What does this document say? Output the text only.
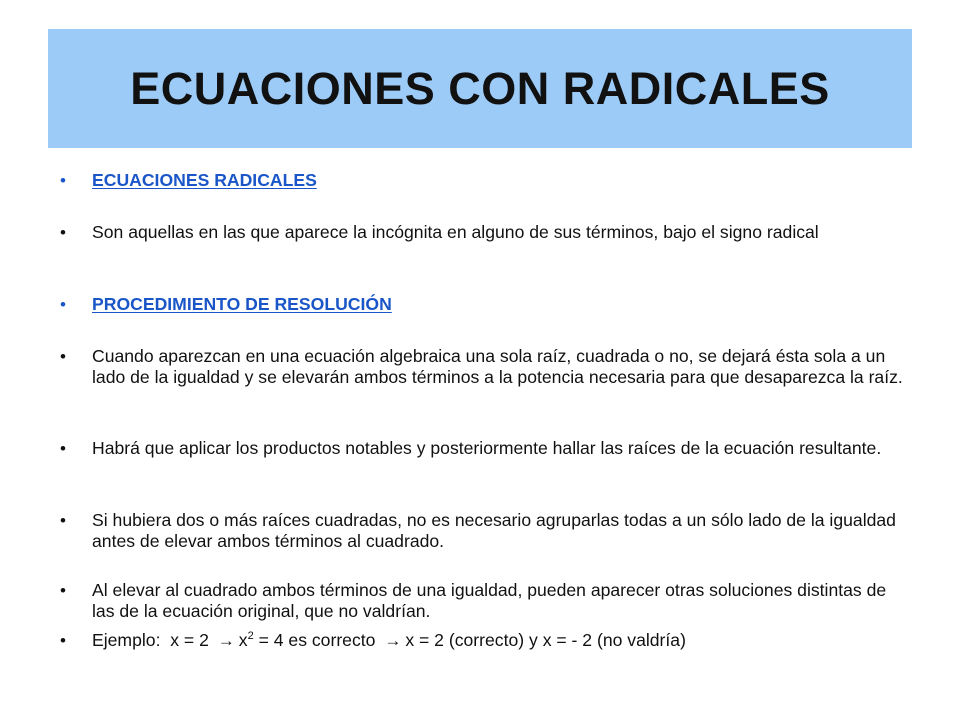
ECUACIONES CON RADICALES
• ECUACIONES RADICALES
• Son aquellas en las que aparece la incógnita en alguno de sus términos, bajo el signo radical
• PROCEDIMIENTO DE RESOLUCIÓN
• Cuando aparezcan en una ecuación algebraica una sola raíz, cuadrada o no, se dejará ésta sola a un lado de la igualdad y se elevarán ambos términos a la potencia necesaria para que desaparezca la raíz.
• Habrá que aplicar los productos notables y posteriormente hallar las raíces de la ecuación resultante.
• Si hubiera dos o más raíces cuadradas, no es necesario agruparlas todas a un sólo lado de la igualdad antes de elevar ambos términos al cuadrado.
• Al elevar al cuadrado ambos términos de una igualdad, pueden aparecer otras soluciones distintas de las de la ecuación original, que no valdrían.
• Ejemplo: $x = 2 \to x^2 = 4$ es correcto → x = 2 (correcto) y x = - 2 (no valdría)
